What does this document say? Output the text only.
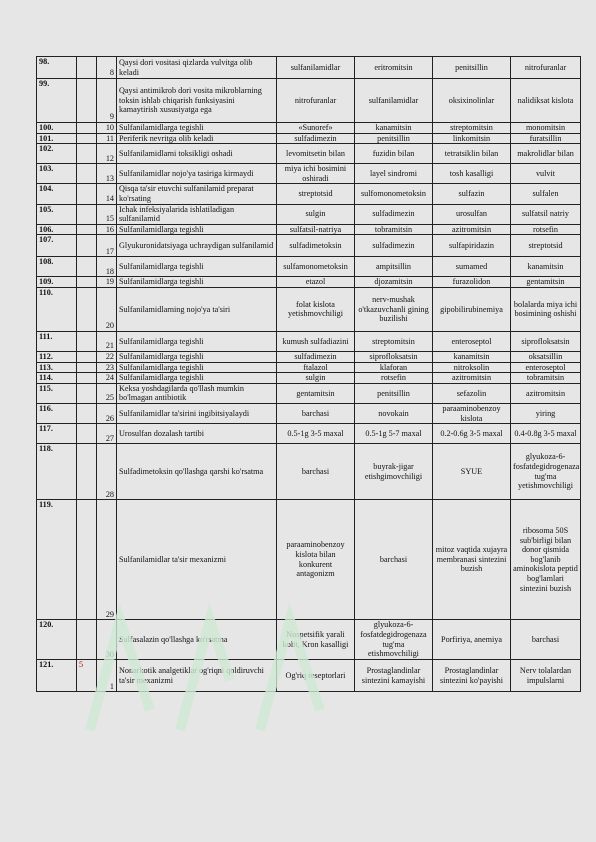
98.		8	Qaysi dori vositasi qizlarda vulvitga olib keladi	sulfanilamidlar	eritromitsin	penitsillin	nitrofuranlar
99.		9	Qaysi antimikrob dori vosita mikroblarning toksin ishlab chiqarish funksiyasini kamaytirish xususiyatga ega	nitrofuranlar	sulfanilamidlar	oksixinolinlar	nalidiksat kislota
100.		10	Sulfanilamidlarga tegishli	«Sunoref»	kanamitsin	streptomitsin	monomitsin
101.		11	Periferik nevritga olib keladi	sulfadimezin	penitsillin	linkomitsin	furatsillin
102.		12	Sulfanilamidlarni toksikligi oshadi	levomitsetin bilan	fuzidin bilan	tetratsiklin bilan	makrolidlar bilan
103.		13	Sulfanilamidlar nojo'ya tasiriga kirmaydi	miya ichi bosimini oshiradi	layel sindromi	tosh kasalligi	vulvit
104.		14	Qisqa ta'sir etuvchi sulfanilamid preparat ko'rsating	streptotsid	sulfomonometoksin	sulfazin	sulfalen
105.		15	Ichak infeksiyalarida ishlatiladigan sulfanilamid	sulgin	sulfadimezin	urosulfan	sulfatsil natriy
106.		16	Sulfanilamidlarga tegishli	sulfatsil-natriya	tobramitsin	azitromitsin	rotsefin
107.		17	Glyukuronidatsiyaga uchraydigan sulfanilamid	sulfadimetoksin	sulfadimezin	sulfapiridazin	streptotsid
108.		18	Sulfanilamidlarga tegishli	sulfamonometoksin	ampitsillin	sumamed	kanamitsin
109.		19	Sulfanilamidlarga tegishli	etazol	djozamitsin	furazolidon	gentamitsin
110.		20	Sulfanilamidlarning nojo'ya ta'siri	folat kislota yetishmovchiligi	nerv-mushak o'tkazuvchanli gining buzilishi	gipobilirubinemiya	bolalarda miya ichi bosimining oshishi
111.		21	Sulfanilamidlarga tegishli	kumush sulfadiazini	streptomitsin	enteroseptol	siprofloksatsin
112.		22	Sulfanilamidlarga tegishli	sulfadimezin	siprofloksatsin	kanamitsin	oksatsillin
113.		23	Sulfanilamidlarga tegishli	ftalazol	klaforan	nitroksolin	enteroseptol
114.		24	Sulfanilamidlarga tegishli	sulgin	rotsefin	azitromitsin	tobramitsin
115.		25	Keksa yoshdagilarda qo'llash mumkin bo'lmagan antibiotik	gentamitsin	penitsillin	sefazolin	azitromitsin
116.		26	Sulfanilamidlar ta'sirini ingibitsiyalaydi	barchasi	novokain	paraaminobenzoy kislota	yiring
117.		27	Urosulfan dozalash tartibi	0.5-1g 3-5 maxal	0.5-1g 5-7 maxal	0.2-0.6g 3-5 maxal	0.4-0.8g 3-5 maxal
118.		28	Sulfadimetoksin qo'llashga qarshi ko'rsatma	barchasi	buyrak-jigar etishgimovchiligi	SYUE	glyukoza-6-fosfatdegidrogenaza tug'ma yetishmovchiligi
119.		29	Sulfanilamidlar ta'sir mexanizmi	paraaminobenzoy kislota bilan konkurent antagonizm	barchasi	mitoz vaqtida xujayra membranasi sintezini buzish	ribosoma 50S sub'birligi bilan donor qismida bog'lanib aminokislota peptid bog'lamlari sintezini buzish
120.		30	Sulfasalazin qo'llashga ko'rsatma	Nospetsifik yarali kolit, Kron kasalligi	glyukoza-6-fosfatdegidrogenaza tug'ma etishmovchiligi	Porfiriya, anemiya	barchasi
121.	5	1	Nonarkotik analgetiklar og'riqni qoldiruvchi ta'sir mexanizmi	Og'riq reseptorlari	Prostaglandinlar sintezini kamayishi	Prostaglandinlar sintezini ko'payishi	Nerv tolalardan impulslarni
